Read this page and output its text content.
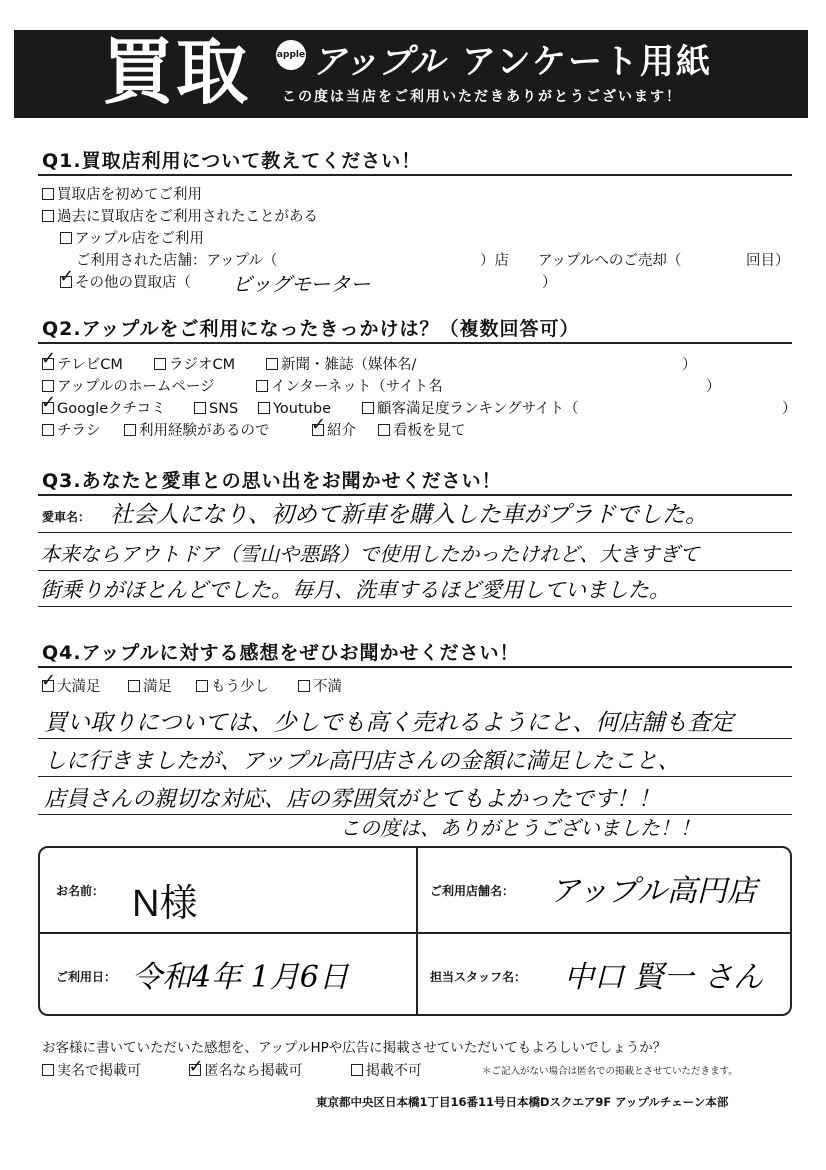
買取	apple アップル アンケート用紙
この度は当店をご利用いただきありがとうございます！
Q1.買取店利用について教えてください！
買取店を初めてご利用
過去に買取店をご利用されたことがある
アップル店をご利用
ご利用された店舗：アップル（	）店 アップルへのご売却（	回目）
✓その他の買取店（ ビッグモーター	）
Q2.アップルをご利用になったきっかけは？（複数回答可）
✓テレビCM	ラジオCM	新聞・雑誌（媒体名/	）
アップルのホームページ	インターネット（サイト名	）
✓Googleクチコミ	SNS	Youtube	顧客満足度ランキングサイト（	）
チラシ	利用経験があるので ✓	紹介	看板を見て
Q3.あなたと愛車との思い出をお聞かせください！
愛車名： 社会人になり、初めて新車を購入した車がプラドでした。
本来ならアウトドア（雪山や悪路）で使用したかったけれど、大きすぎて
街乗りがほとんどでした。毎月、洗車するほど愛用していました。
Q4.アップルに対する感想をぜひお聞かせください！
✓大満足	満足	もう少し	不満
買い取りについては、少しでも高く売れるようにと、何店舗も査定
しに行きましたが、アップル高円店さんの金額に満足したこと、
店員さんの親切な対応、店の雰囲気がとてもよかったです！！
この度は、ありがとうございました！！
お名前： N様	ご利用店舗名： アップル高円店
ご利用日： 令和4年 1月6日	担当スタッフ名： 中口 賢一 さん
お客様に書いていただいた感想を、アップルHPや広告に掲載させていただいてもよろしいでしょうか？
実名で掲載可 ✓	匿名なら掲載可	掲載不可	＊ご記入がない場合は匿名での掲載とさせていただきます。
東京都中央区日本橋1丁目16番11号日本橋Dスクエア9F アップルチェーン本部
